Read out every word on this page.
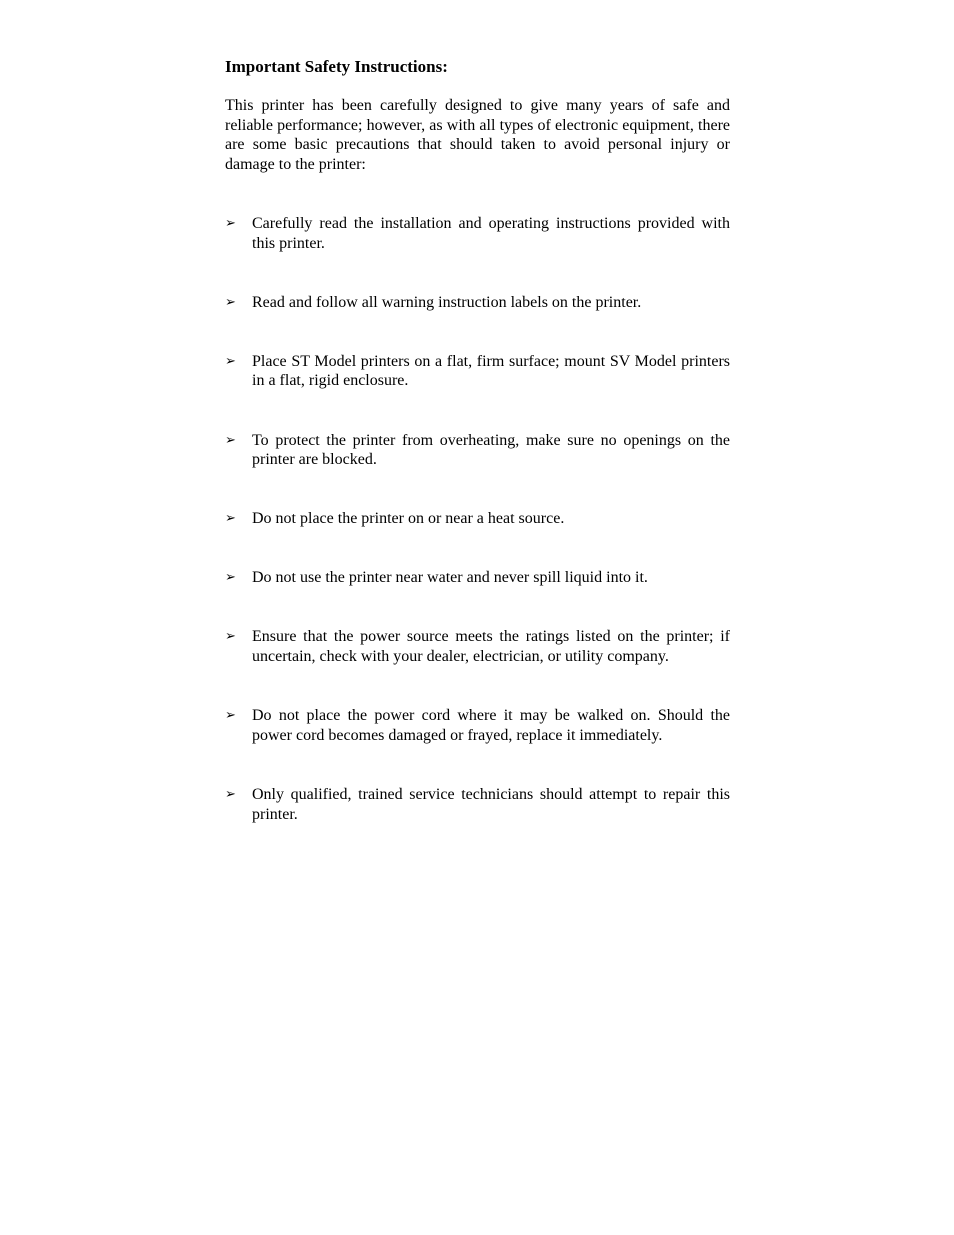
Important Safety Instructions:

This printer has been carefully designed to give many years of safe and reliable performance; however, as with all types of electronic equipment, there are some basic precautions that should taken to avoid personal injury or damage to the printer:

➢ Carefully read the installation and operating instructions provided with this printer.
➢ Read and follow all warning instruction labels on the printer.
➢ Place ST Model printers on a flat, firm surface; mount SV Model printers in a flat, rigid enclosure.
➢ To protect the printer from overheating, make sure no openings on the printer are blocked.
➢ Do not place the printer on or near a heat source.
➢ Do not use the printer near water and never spill liquid into it.
➢ Ensure that the power source meets the ratings listed on the printer; if uncertain, check with your dealer, electrician, or utility company.
➢ Do not place the power cord where it may be walked on. Should the power cord becomes damaged or frayed, replace it immediately.
➢ Only qualified, trained service technicians should attempt to repair this printer.
